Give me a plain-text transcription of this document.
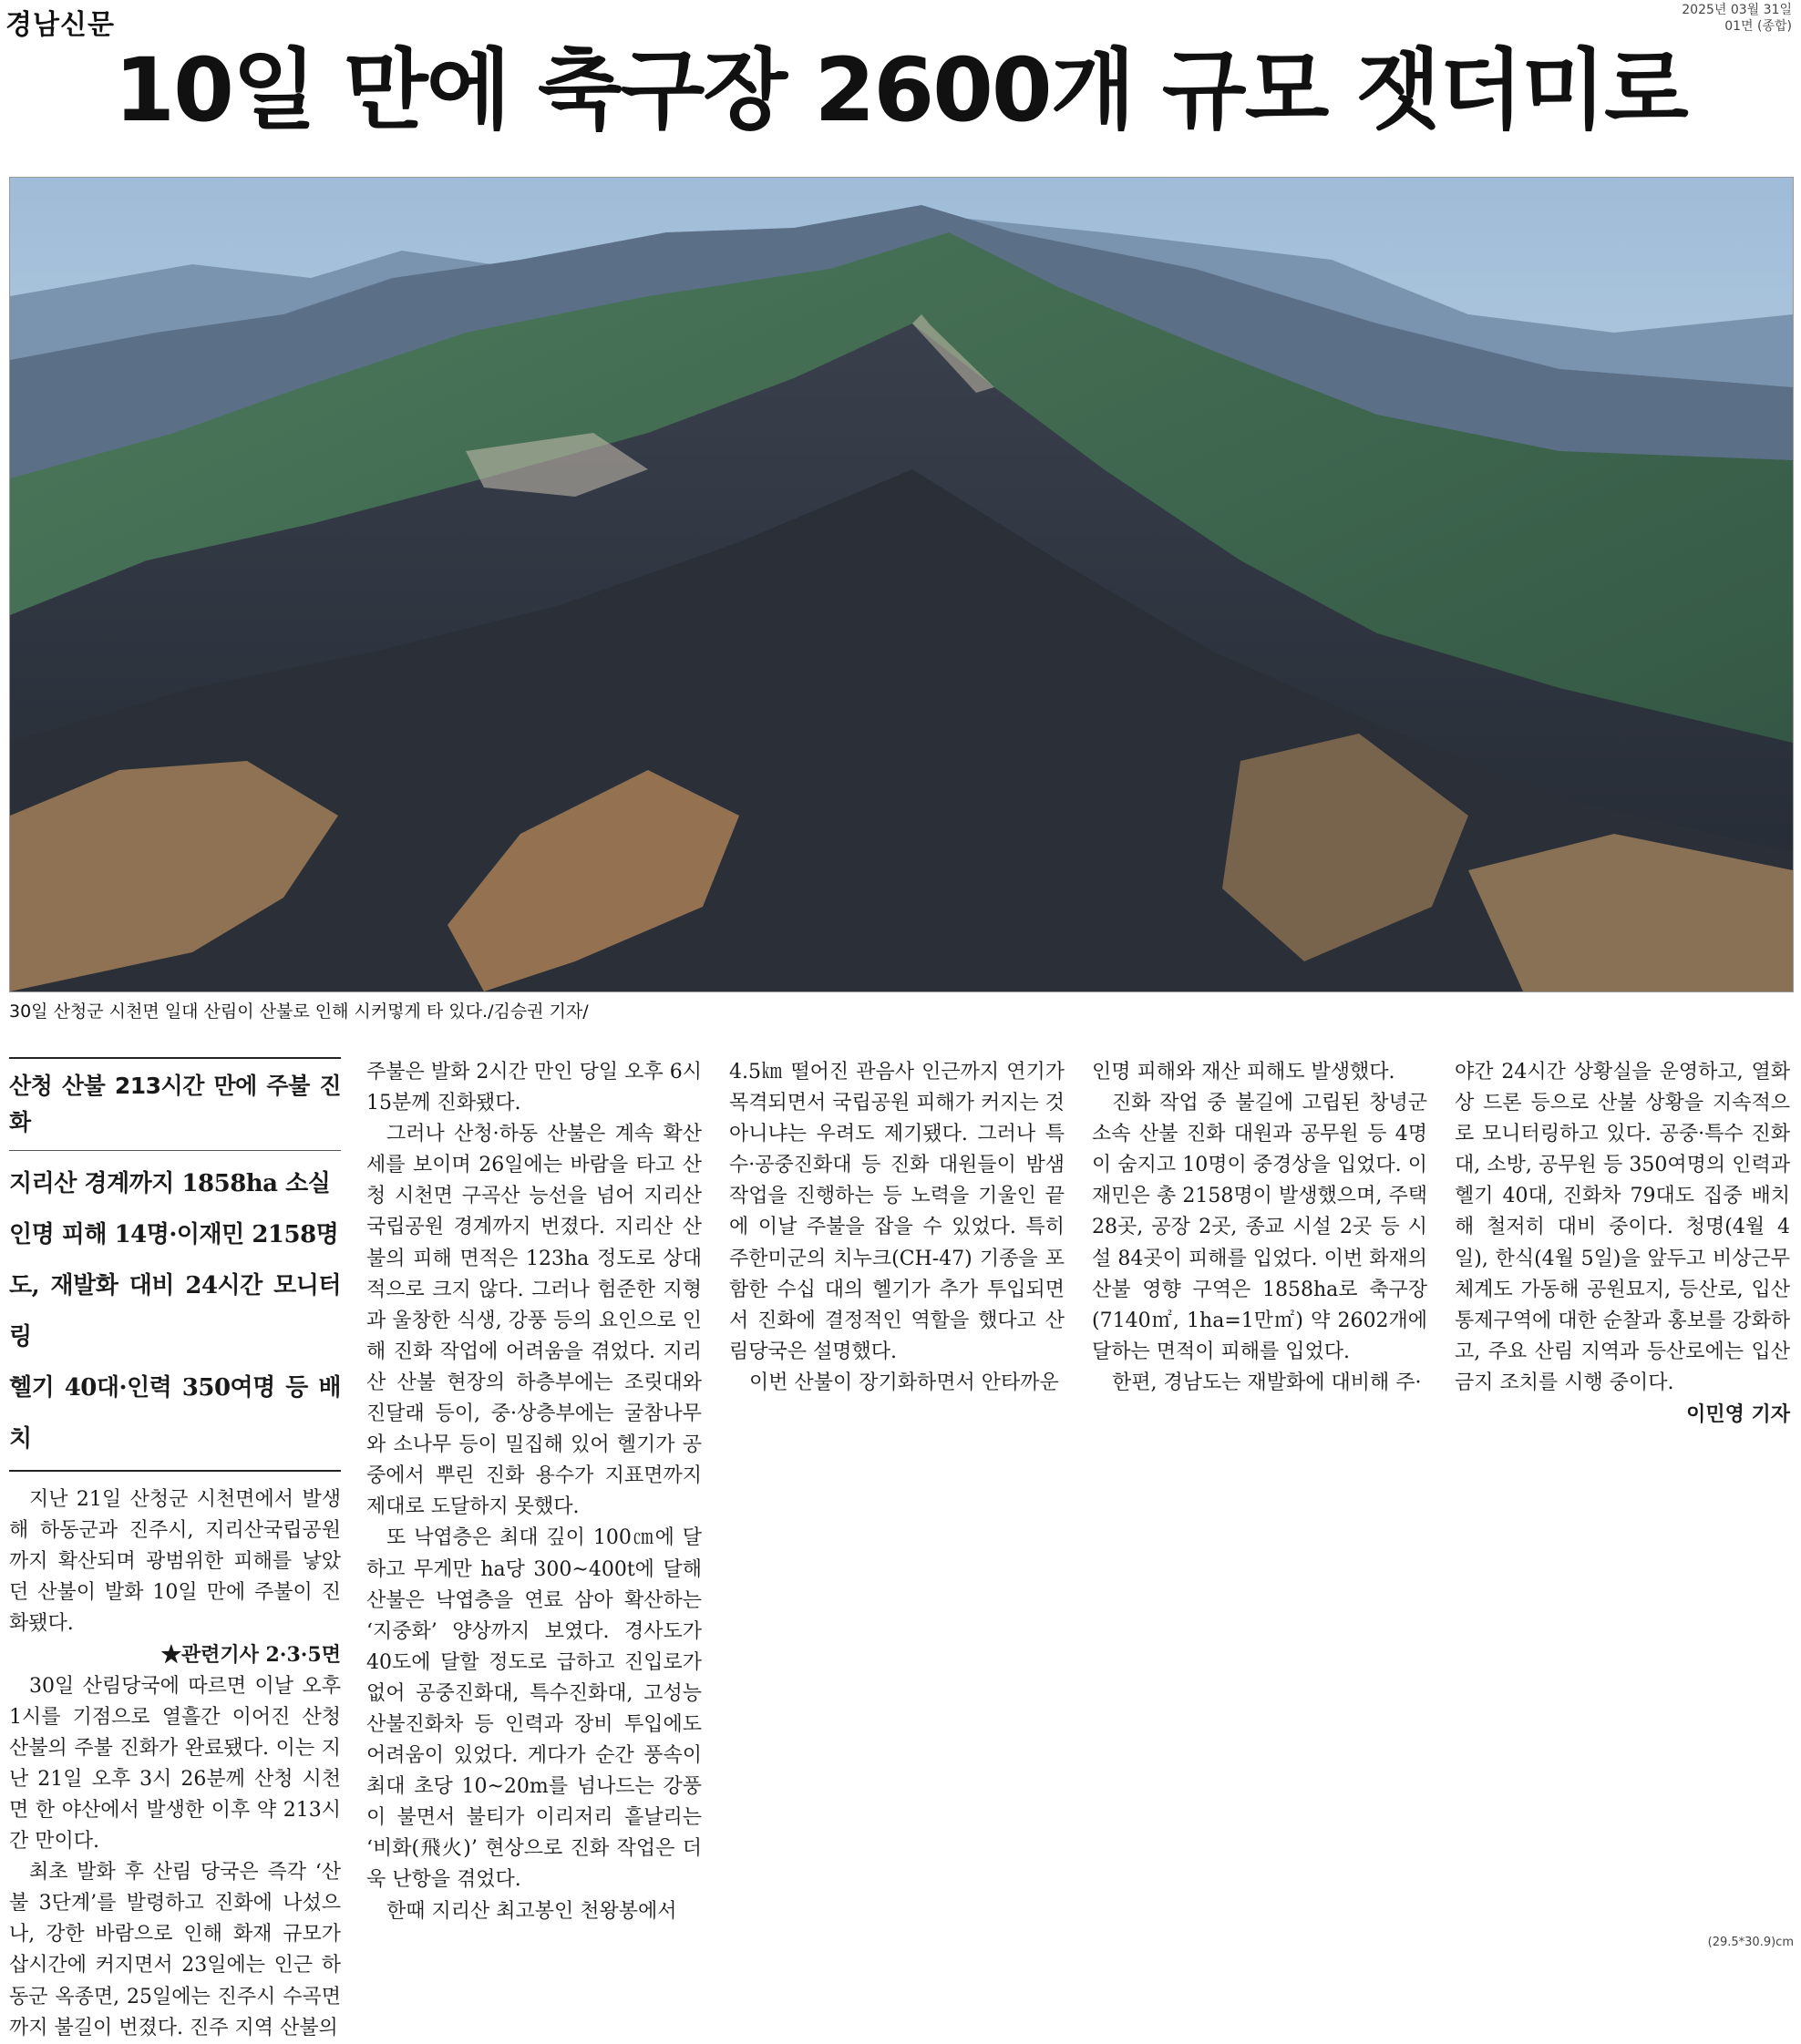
경남신문	2025년 03월 31일
01면 (종합)
10일 만에 축구장 2600개 규모 잿더미로
30일 산청군 시천면 일대 산림이 산불로 인해 시커멓게 타 있다./김승권 기자/
산청 산불 213시간 만에 주불 진화
지리산 경계까지 1858ha 소실
인명 피해 14명·이재민 2158명
도, 재발화 대비 24시간 모니터링
헬기 40대·인력 350여명 등 배치

지난 21일 산청군 시천면에서 발생해 하동군과 진주시, 지리산국립공원까지 확산되며 광범위한 피해를 낳았던 산불이 발화 10일 만에 주불이 진화됐다.

★관련기사 2·3·5면

30일 산림당국에 따르면 이날 오후 1시를 기점으로 열흘간 이어진 산청 산불의 주불 진화가 완료됐다. 이는 지난 21일 오후 3시 26분께 산청 시천면 한 야산에서 발생한 이후 약 213시간 만이다.

최초 발화 후 산림 당국은 즉각 ‘산불 3단계’를 발령하고 진화에 나섰으나, 강한 바람으로 인해 화재 규모가 삽시간에 커지면서 23일에는 인근 하동군 옥종면, 25일에는 진주시 수곡면까지 불길이 번졌다. 진주 지역 산불의

주불은 발화 2시간 만인 당일 오후 6시 15분께 진화됐다.

그러나 산청·하동 산불은 계속 확산세를 보이며 26일에는 바람을 타고 산청 시천면 구곡산 능선을 넘어 지리산 국립공원 경계까지 번졌다. 지리산 산불의 피해 면적은 123ha 정도로 상대적으로 크지 않다. 그러나 험준한 지형과 울창한 식생, 강풍 등의 요인으로 인해 진화 작업에 어려움을 겪었다. 지리산 산불 현장의 하층부에는 조릿대와 진달래 등이, 중·상층부에는 굴참나무와 소나무 등이 밀집해 있어 헬기가 공중에서 뿌린 진화 용수가 지표면까지 제대로 도달하지 못했다.

또 낙엽층은 최대 깊이 100㎝에 달하고 무게만 ha당 300~400t에 달해 산불은 낙엽층을 연료 삼아 확산하는 ‘지중화’ 양상까지 보였다. 경사도가 40도에 달할 정도로 급하고 진입로가 없어 공중진화대, 특수진화대, 고성능 산불진화차 등 인력과 장비 투입에도 어려움이 있었다. 게다가 순간 풍속이 최대 초당 10~20m를 넘나드는 강풍이 불면서 불티가 이리저리 흩날리는 ‘비화(飛火)’ 현상으로 진화 작업은 더욱 난항을 겪었다.

한때 지리산 최고봉인 천왕봉에서

4.5㎞ 떨어진 관음사 인근까지 연기가 목격되면서 국립공원 피해가 커지는 것 아니냐는 우려도 제기됐다. 그러나 특수·공중진화대 등 진화 대원들이 밤샘 작업을 진행하는 등 노력을 기울인 끝에 이날 주불을 잡을 수 있었다. 특히 주한미군의 치누크(CH-47) 기종을 포함한 수십 대의 헬기가 추가 투입되면서 진화에 결정적인 역할을 했다고 산림당국은 설명했다.

이번 산불이 장기화하면서 안타까운

인명 피해와 재산 피해도 발생했다.

진화 작업 중 불길에 고립된 창녕군 소속 산불 진화 대원과 공무원 등 4명이 숨지고 10명이 중경상을 입었다. 이재민은 총 2158명이 발생했으며, 주택 28곳, 공장 2곳, 종교 시설 2곳 등 시설 84곳이 피해를 입었다. 이번 화재의 산불 영향 구역은 1858ha로 축구장(7140㎡, 1ha=1만㎡) 약 2602개에 달하는 면적이 피해를 입었다.

한편, 경남도는 재발화에 대비해 주·

야간 24시간 상황실을 운영하고, 열화상 드론 등으로 산불 상황을 지속적으로 모니터링하고 있다. 공중·특수 진화대, 소방, 공무원 등 350여명의 인력과 헬기 40대, 진화차 79대도 집중 배치해 철저히 대비 중이다. 청명(4월 4일), 한식(4월 5일)을 앞두고 비상근무 체계도 가동해 공원묘지, 등산로, 입산 통제구역에 대한 순찰과 홍보를 강화하고, 주요 산림 지역과 등산로에는 입산금지 조치를 시행 중이다.

이민영 기자
(29.5*30.9)cm
